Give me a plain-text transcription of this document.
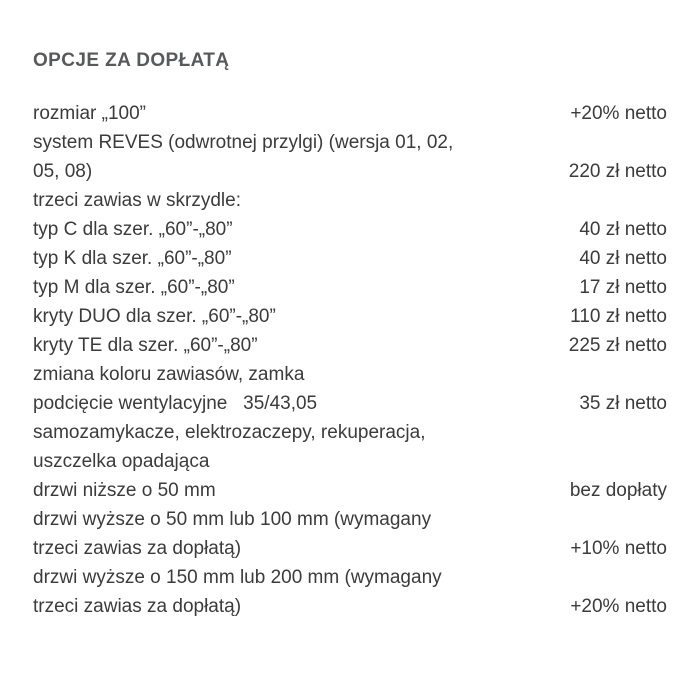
OPCJE ZA DOPŁATĄ
rozmiar „100”	+20% netto
system REVES (odwrotnej przylgi) (wersja 01, 02,
05, 08)	220 zł netto
trzeci zawias w skrzydle:
typ C dla szer. „60”-„80”	40 zł netto
typ K dla szer. „60”-„80”	40 zł netto
typ M dla szer. „60”-„80”	17 zł netto
kryty DUO dla szer. „60”-„80”	110 zł netto
kryty TE dla szer. „60”-„80”	225 zł netto
zmiana koloru zawiasów, zamka
podcięcie wentylacyjne   35/43,05	35 zł netto
samozamykacze, elektrozaczepy, rekuperacja,
uszczelka opadająca
drzwi niższe o 50 mm	bez dopłaty
drzwi wyższe o 50 mm lub 100 mm (wymagany
trzeci zawias za dopłatą)	+10% netto
drzwi wyższe o 150 mm lub 200 mm (wymagany
trzeci zawias za dopłatą)	+20% netto
